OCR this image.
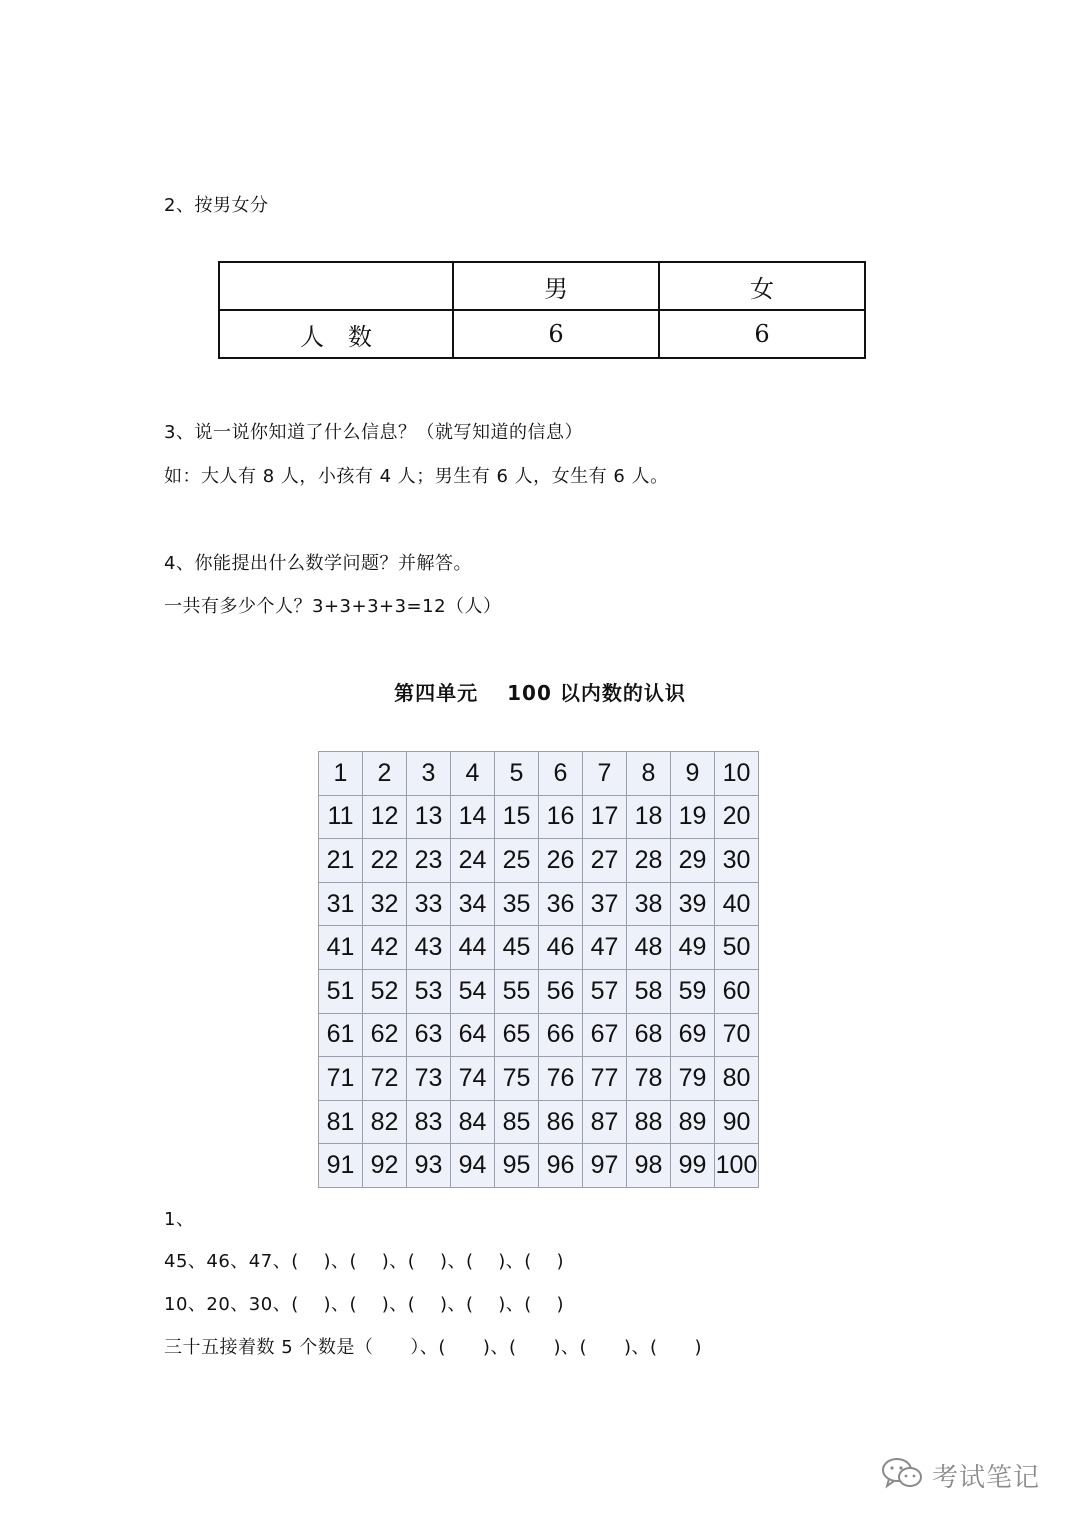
2、按男女分
	男	女
人　数	6	6
3、说一说你知道了什么信息？（就写知道的信息）
如：大人有 8 人，小孩有 4 人；男生有 6 人，女生有 6 人。
4、你能提出什么数学问题？并解答。
一共有多少个人？3+3+3+3=12（人）
第四单元　 100 以内数的认识
1	2	3	4	5	6	7	8	9	10
11	12	13	14	15	16	17	18	19	20
21	22	23	24	25	26	27	28	29	30
31	32	33	34	35	36	37	38	39	40
41	42	43	44	45	46	47	48	49	50
51	52	53	54	55	56	57	58	59	60
61	62	63	64	65	66	67	68	69	70
71	72	73	74	75	76	77	78	79	80
81	82	83	84	85	86	87	88	89	90
91	92	93	94	95	96	97	98	99	100
1、
45、46、47、(　 )、(　 )、(　 )、(　 )、(　 )
10、20、30、(　 )、(　 )、(　 )、(　 )、(　 )
三十五接着数 5 个数是（　　）、(　　)、(　　)、(　　)、(　　)
考试笔记
